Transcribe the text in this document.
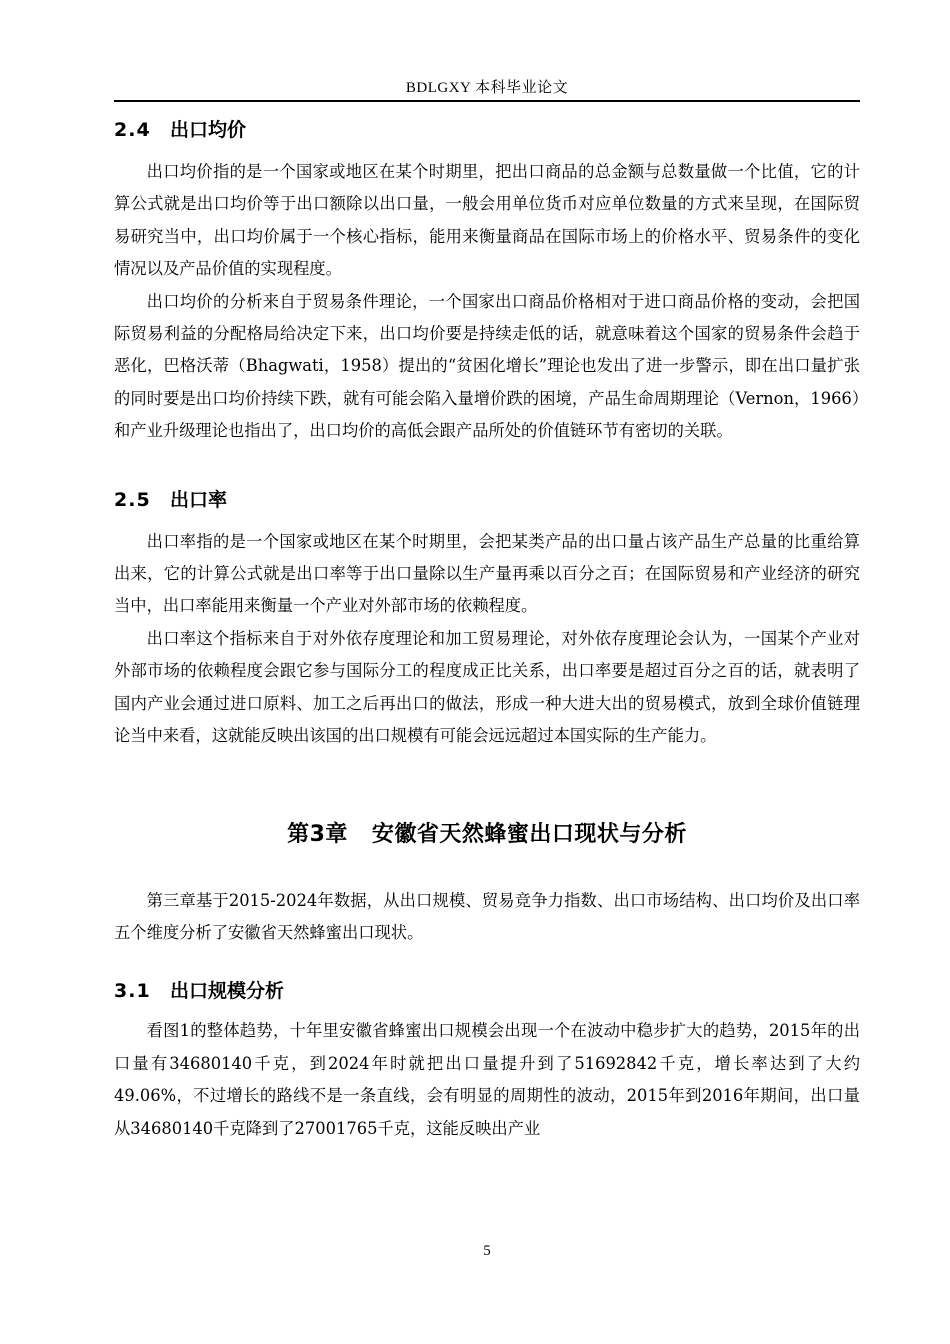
BDLGXY 本科毕业论文
2.4	出口均价

出口均价指的是一个国家或地区在某个时期里，把出口商品的总金额与总数量做一个比值，它的计算公式就是出口均价等于出口额除以出口量，一般会用单位货币对应单位数量的方式来呈现，在国际贸易研究当中，出口均价属于一个核心指标，能用来衡量商品在国际市场上的价格水平、贸易条件的变化情况以及产品价值的实现程度。

出口均价的分析来自于贸易条件理论，一个国家出口商品价格相对于进口商品价格的变动，会把国际贸易利益的分配格局给决定下来，出口均价要是持续走低的话，就意味着这个国家的贸易条件会趋于恶化，巴格沃蒂（Bhagwati，1958）提出的“贫困化增长”理论也发出了进一步警示，即在出口量扩张的同时要是出口均价持续下跌，就有可能会陷入量增价跌的困境，产品生命周期理论（Vernon，1966）和产业升级理论也指出了，出口均价的高低会跟产品所处的价值链环节有密切的关联。

2.5	出口率

出口率指的是一个国家或地区在某个时期里，会把某类产品的出口量占该产品生产总量的比重给算出来，它的计算公式就是出口率等于出口量除以生产量再乘以百分之百；在国际贸易和产业经济的研究当中，出口率能用来衡量一个产业对外部市场的依赖程度。

出口率这个指标来自于对外依存度理论和加工贸易理论，对外依存度理论会认为，一国某个产业对外部市场的依赖程度会跟它参与国际分工的程度成正比关系，出口率要是超过百分之百的话，就表明了国内产业会通过进口原料、加工之后再出口的做法，形成一种大进大出的贸易模式，放到全球价值链理论当中来看，这就能反映出该国的出口规模有可能会远远超过本国实际的生产能力。

第3章 安徽省天然蜂蜜出口现状与分析

第三章基于2015-2024年数据，从出口规模、贸易竞争力指数、出口市场结构、出口均价及出口率五个维度分析了安徽省天然蜂蜜出口现状。

3.1	出口规模分析

看图1的整体趋势，十年里安徽省蜂蜜出口规模会出现一个在波动中稳步扩大的趋势，2015年的出口量有34680140千克，到2024年时就把出口量提升到了51692842千克，增长率达到了大约49.06%，不过增长的路线不是一条直线，会有明显的周期性的波动，2015年到2016年期间，出口量从34680140千克降到了27001765千克，这能反映出产业

5
